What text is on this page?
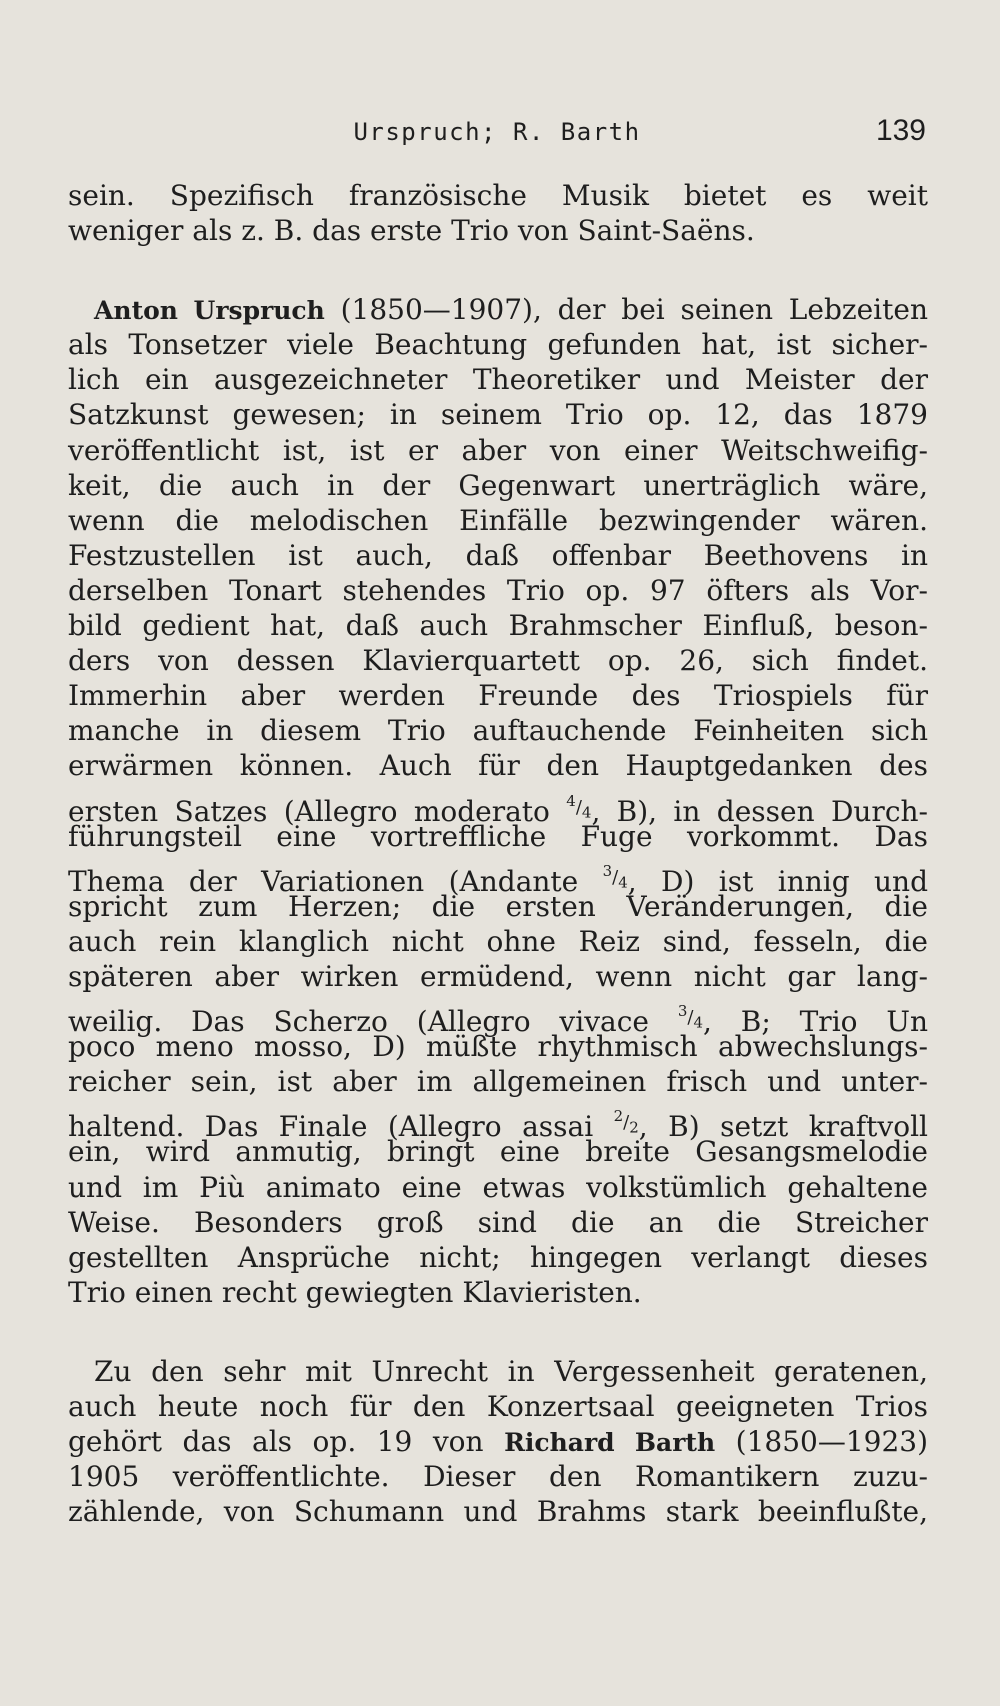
Urspruch; R. Barth	139
sein. Spezifisch französische Musik bietet es weit
weniger als z. B. das erste Trio von Saint-Saëns.
Anton Urspruch (1850—1907), der bei seinen Lebzeiten
als Tonsetzer viele Beachtung gefunden hat, ist sicher-
lich ein ausgezeichneter Theoretiker und Meister der
Satzkunst gewesen; in seinem Trio op. 12, das 1879
veröffentlicht ist, ist er aber von einer Weitschweifig-
keit, die auch in der Gegenwart unerträglich wäre,
wenn die melodischen Einfälle bezwingender wären.
Festzustellen ist auch, daß offenbar Beethovens in
derselben Tonart stehendes Trio op. 97 öfters als Vor-
bild gedient hat, daß auch Brahmscher Einfluß, beson-
ders von dessen Klavierquartett op. 26, sich findet.
Immerhin aber werden Freunde des Triospiels für
manche in diesem Trio auftauchende Feinheiten sich
erwärmen können. Auch für den Hauptgedanken des
ersten Satzes (Allegro moderato $^{^4/_4}$, B), in dessen Durch-
führungsteil eine vortreffliche Fuge vorkommt. Das
Thema der Variationen (Andante $^{^3/_4}$, D) ist innig und
spricht zum Herzen; die ersten Veränderungen, die
auch rein klanglich nicht ohne Reiz sind, fesseln, die
späteren aber wirken ermüdend, wenn nicht gar lang-
weilig. Das Scherzo (Allegro vivace $^{^3/_4}$, B; Trio Un
poco meno mosso, D) müßte rhythmisch abwechslungs-
reicher sein, ist aber im allgemeinen frisch und unter-
haltend. Das Finale (Allegro assai $^{^2/_2}$, B) setzt kraftvoll
ein, wird anmutig, bringt eine breite Gesangsmelodie
und im Più animato eine etwas volkstümlich gehaltene
Weise. Besonders groß sind die an die Streicher
gestellten Ansprüche nicht; hingegen verlangt dieses
Trio einen recht gewiegten Klavieristen.
Zu den sehr mit Unrecht in Vergessenheit geratenen,
auch heute noch für den Konzertsaal geeigneten Trios
gehört das als op. 19 von Richard Barth (1850—1923)
1905 veröffentlichte. Dieser den Romantikern zuzu-
zählende, von Schumann und Brahms stark beeinflußte,
